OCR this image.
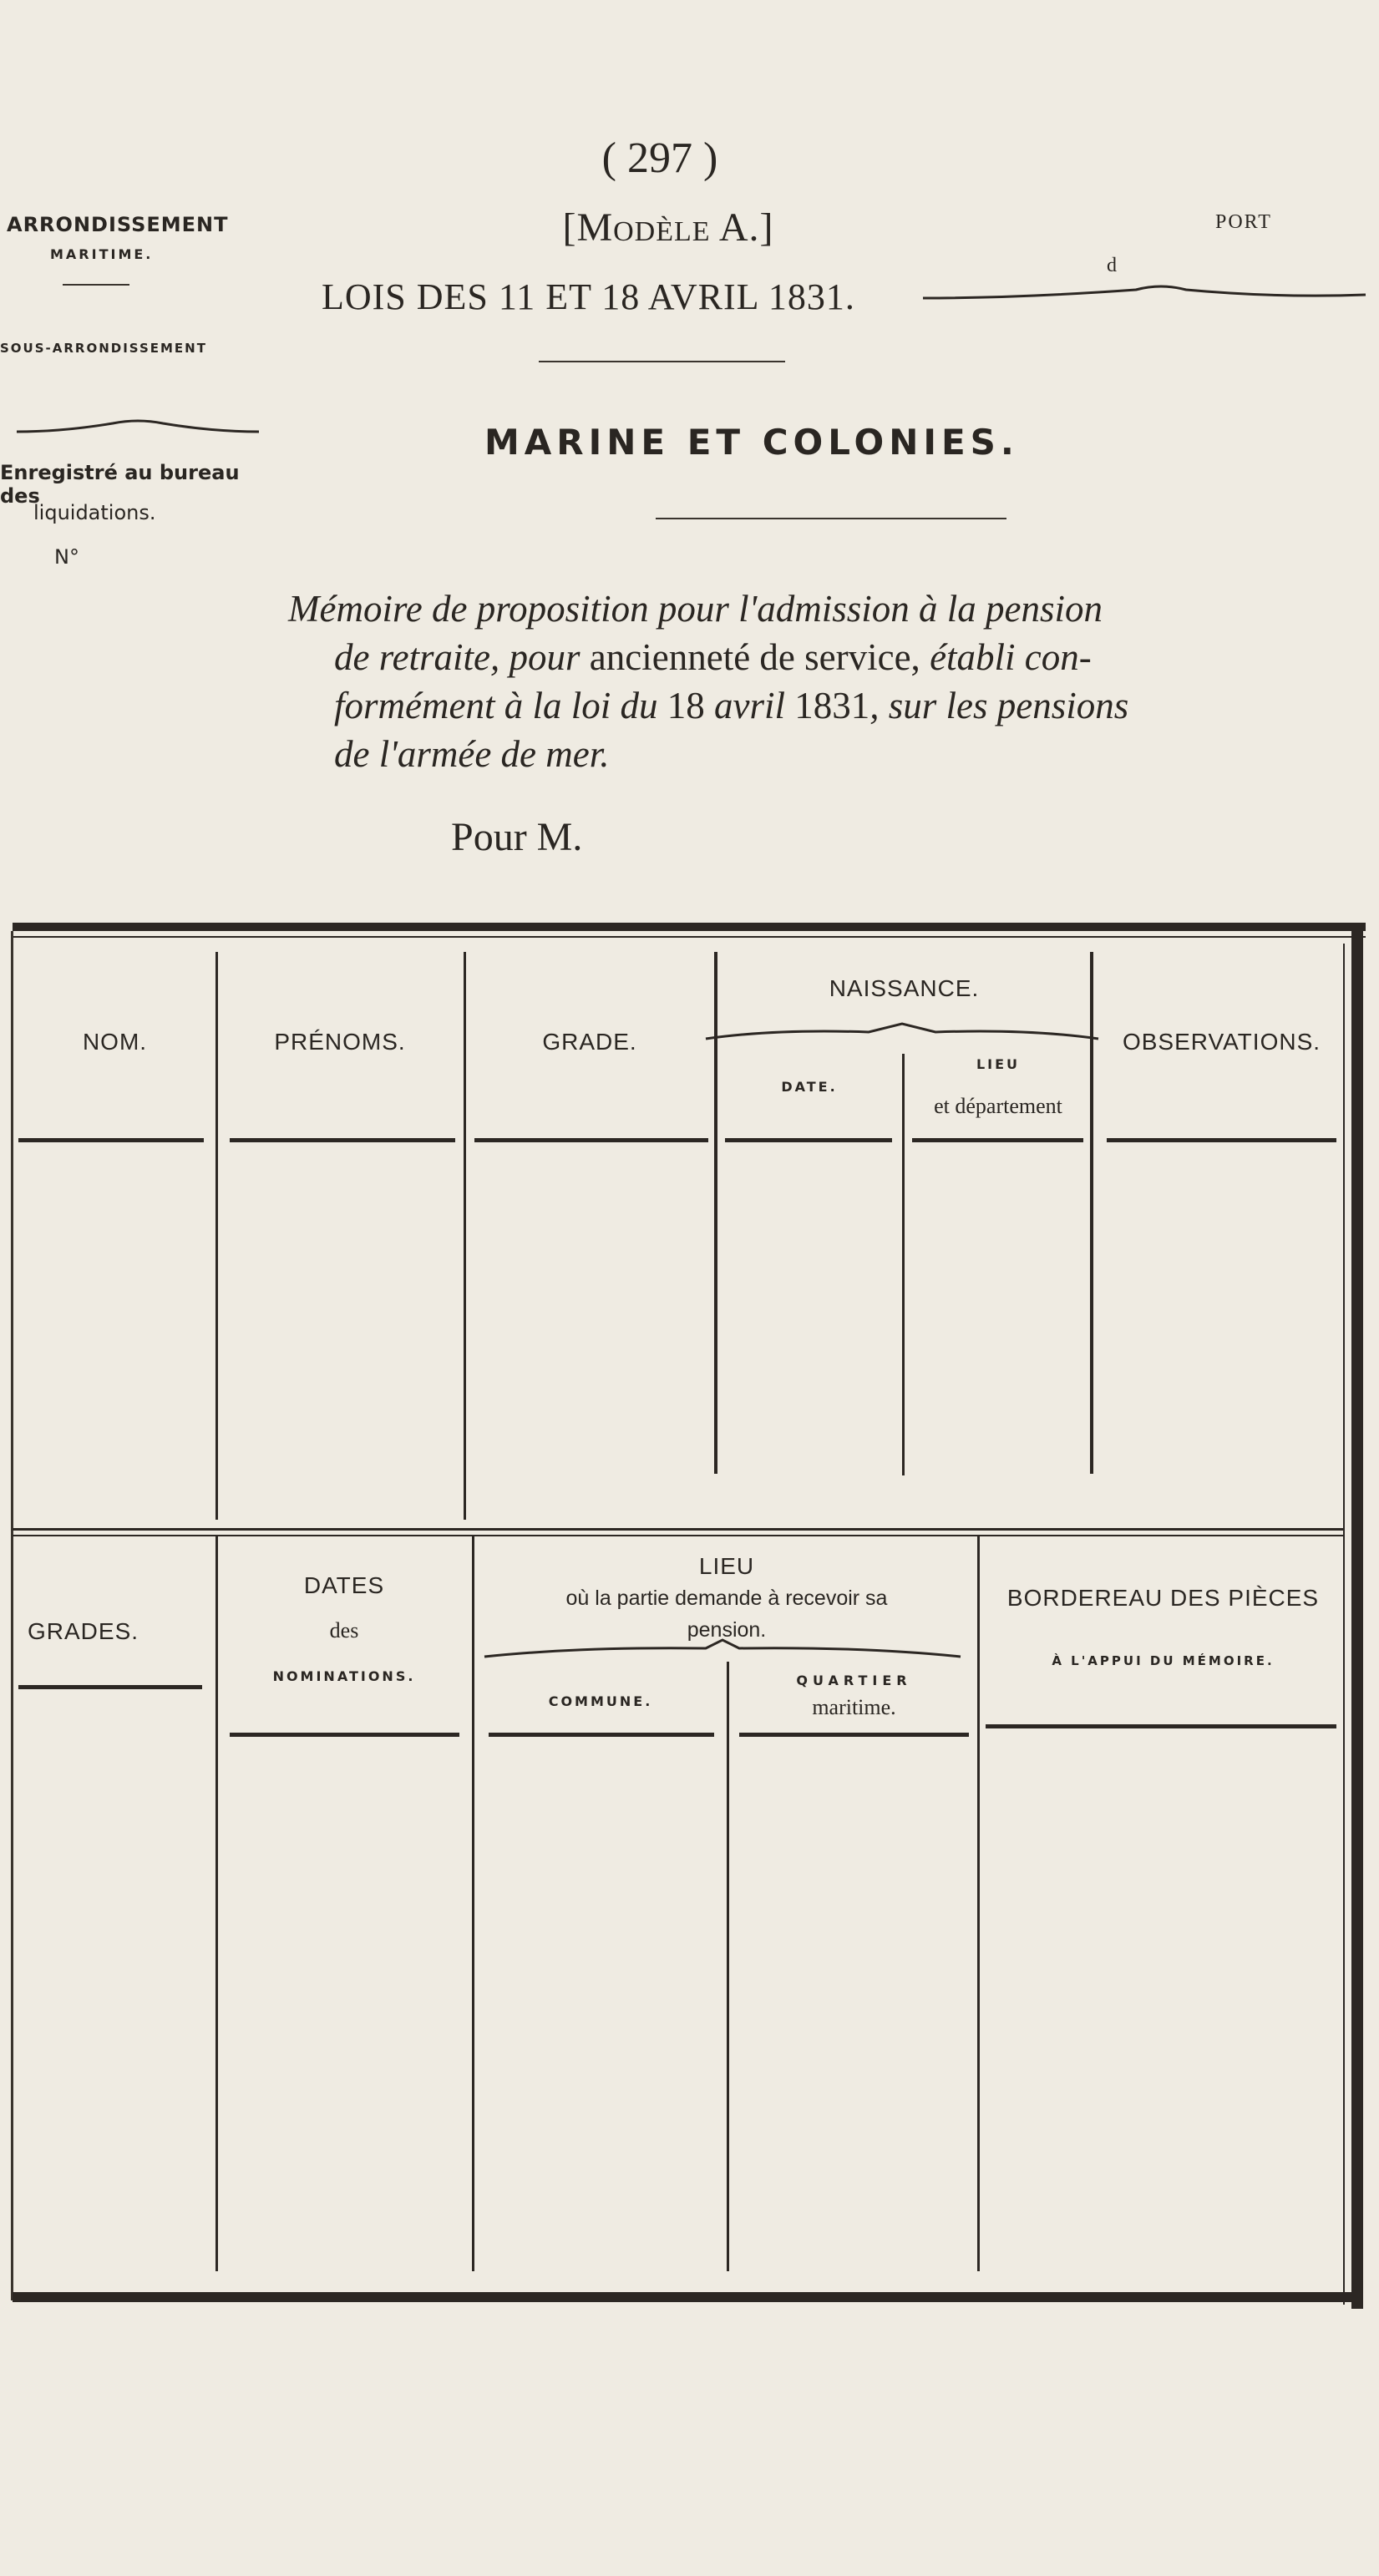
( 297 )
[Modèle A.]
LOIS DES 11 ET 18 AVRIL 1831.
MARINE ET COLONIES.
ARRONDISSEMENT
MARITIME.
SOUS-ARRONDISSEMENT
Enregistré au bureau des
liquidations.
N°
PORT
d
Mémoire de proposition pour l'admission à la pension
de retraite, pour ancienneté de service, établi con-
formément à la loi du 18 avril 1831, sur les pensions
de l'armée de mer.
Pour M.
NOM.	PRÉNOMS.	GRADE.
NAISSANCE.
DATE.
LIEU
et département
OBSERVATIONS.
GRADES.
DATES
des
NOMINATIONS.
LIEU
où la partie demande à recevoir sa
pension.
COMMUNE.
QUARTIER
maritime.
BORDEREAU DES PIÈCES
À L'APPUI DU MÉMOIRE.
